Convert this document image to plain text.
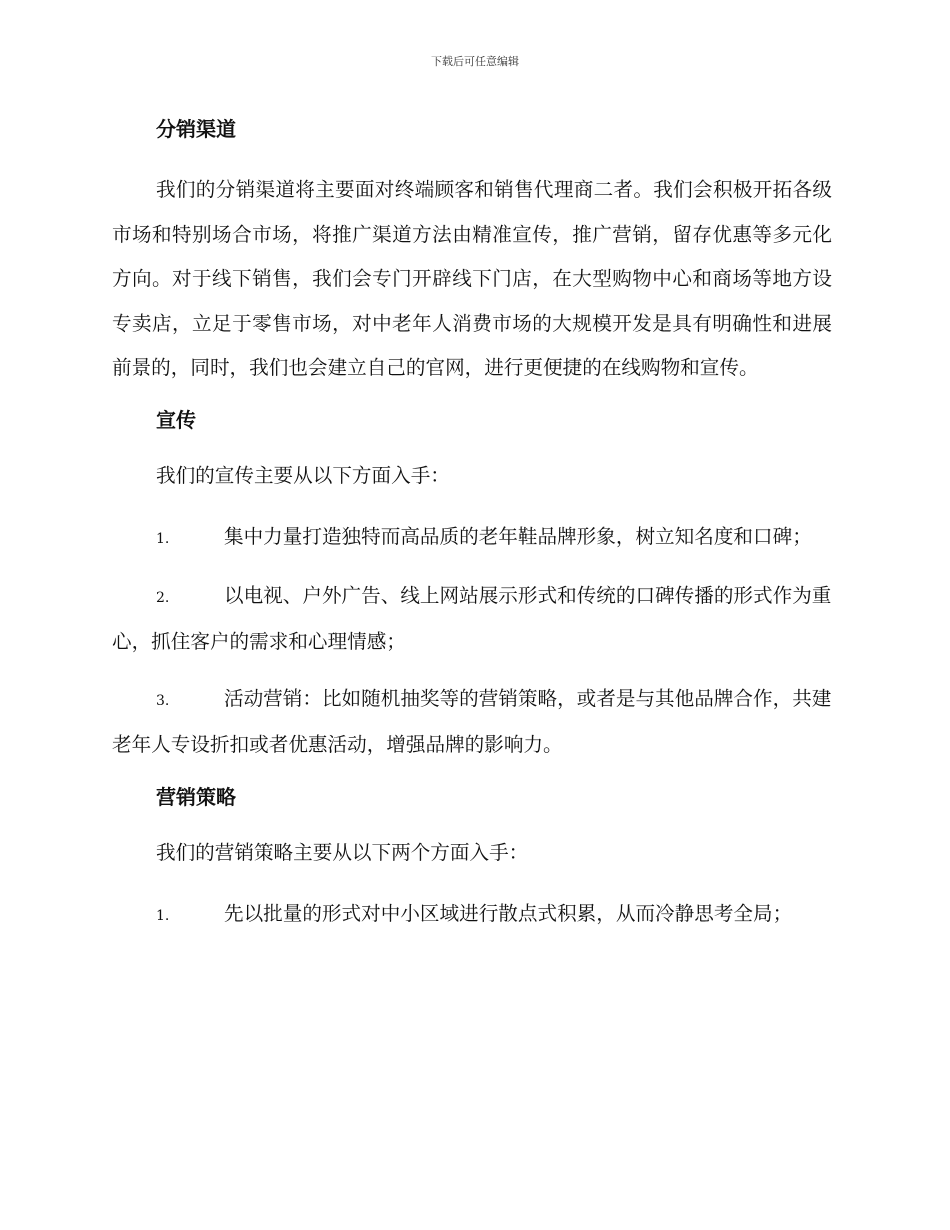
下载后可任意编辑
分销渠道

我们的分销渠道将主要面对终端顾客和销售代理商二者。我们会积极开拓各级市场和特别场合市场，将推广渠道方法由精准宣传，推广营销，留存优惠等多元化方向。对于线下销售，我们会专门开辟线下门店，在大型购物中心和商场等地方设专卖店，立足于零售市场，对中老年人消费市场的大规模开发是具有明确性和进展前景的，同时，我们也会建立自己的官网，进行更便捷的在线购物和宣传。

宣传
我们的宣传主要从以下方面入手：
1.	集中力量打造独特而高品质的老年鞋品牌形象，树立知名度和口碑；
2.	以电视、户外广告、线上网站展示形式和传统的口碑传播的形式作为重心，抓住客户的需求和心理情感；
3.	活动营销：比如随机抽奖等的营销策略，或者是与其他品牌合作，共建老年人专设折扣或者优惠活动，增强品牌的影响力。
营销策略
我们的营销策略主要从以下两个方面入手：
1.	先以批量的形式对中小区域进行散点式积累，从而冷静思考全局；
